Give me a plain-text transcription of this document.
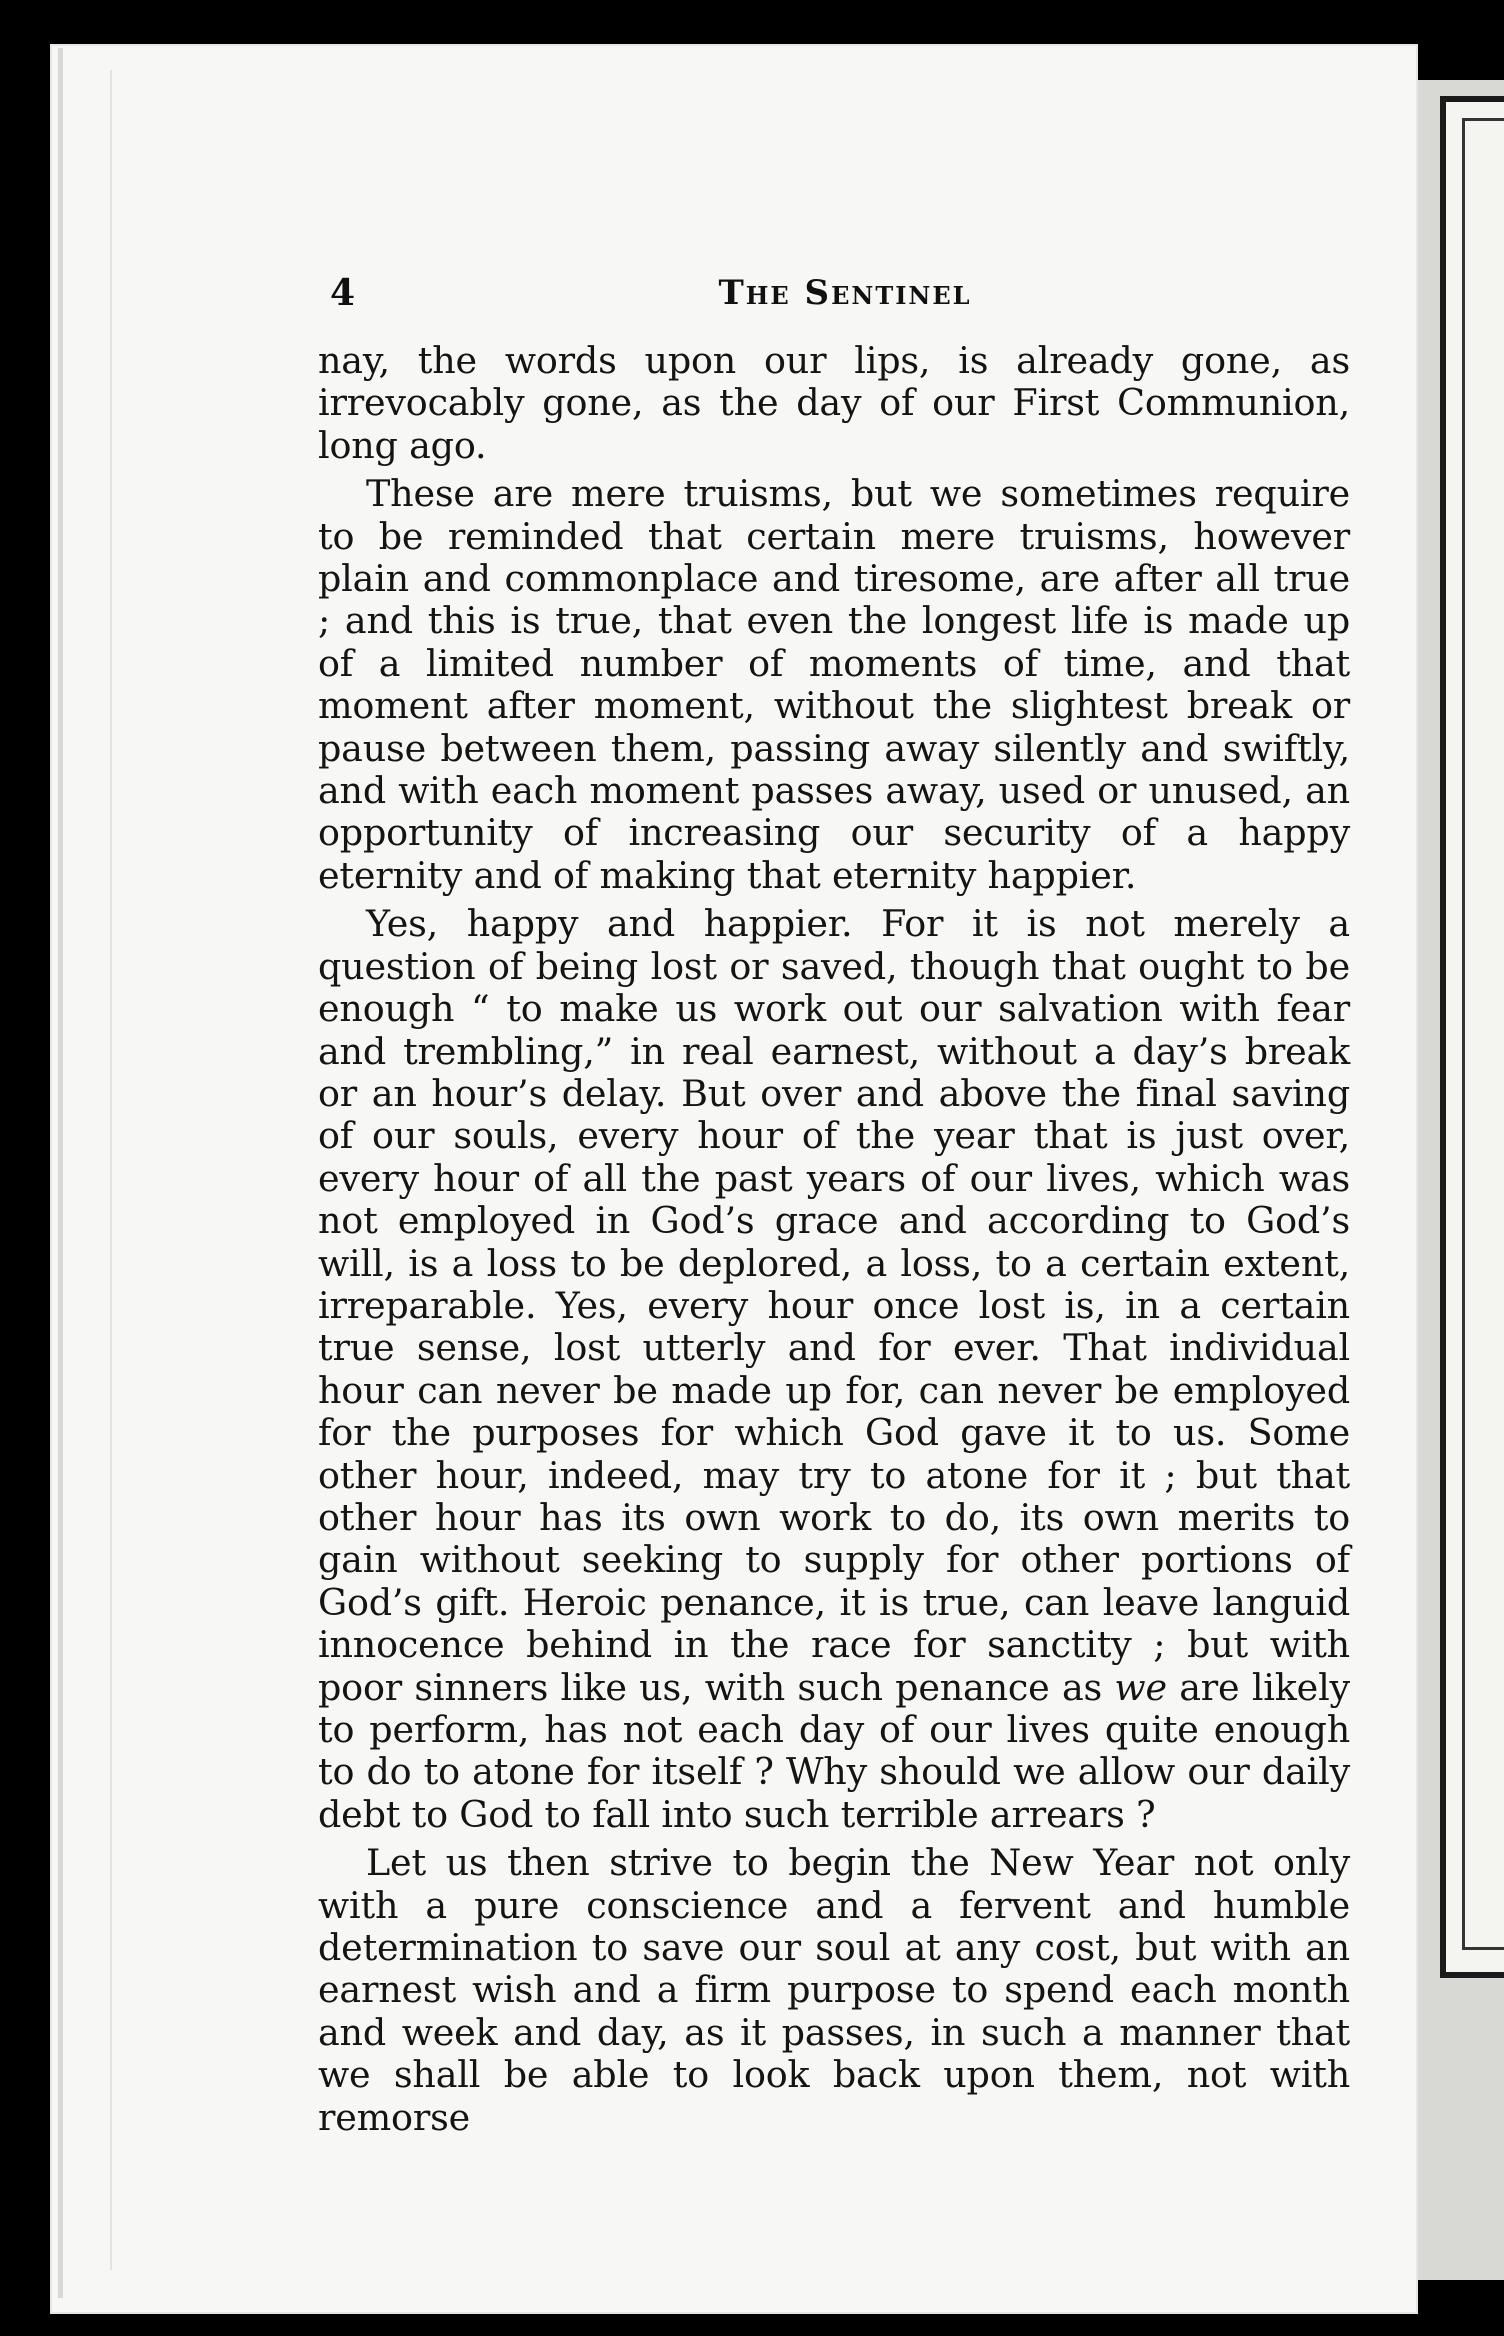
4	The Sentinel

nay, the words upon our lips, is already gone, as irrevocably gone, as the day of our First Communion, long ago.

These are mere truisms, but we sometimes require to be reminded that certain mere truisms, however plain and commonplace and tiresome, are after all true ; and this is true, that even the longest life is made up of a limited number of moments of time, and that moment after moment, without the slightest break or pause between them, passing away silently and swiftly, and with each moment passes away, used or unused, an opportunity of increasing our security of a happy eternity and of making that eternity happier.

Yes, happy and happier. For it is not merely a question of being lost or saved, though that ought to be enough “ to make us work out our salvation with fear and trembling,” in real earnest, without a day’s break or an hour’s delay. But over and above the final saving of our souls, every hour of the year that is just over, every hour of all the past years of our lives, which was not employed in God’s grace and according to God’s will, is a loss to be deplored, a loss, to a certain extent, irreparable. Yes, every hour once lost is, in a certain true sense, lost utterly and for ever. That individual hour can never be made up for, can never be employed for the purposes for which God gave it to us. Some other hour, indeed, may try to atone for it ; but that other hour has its own work to do, its own merits to gain without seeking to supply for other portions of God’s gift. Heroic penance, it is true, can leave languid innocence behind in the race for sanctity ; but with poor sinners like us, with such penance as we are likely to perform, has not each day of our lives quite enough to do to atone for itself ? Why should we allow our daily debt to God to fall into such terrible arrears ?

Let us then strive to begin the New Year not only with a pure conscience and a fervent and humble determination to save our soul at any cost, but with an earnest wish and a firm purpose to spend each month and week and day, as it passes, in such a manner that we shall be able to look back upon them, not with remorse
